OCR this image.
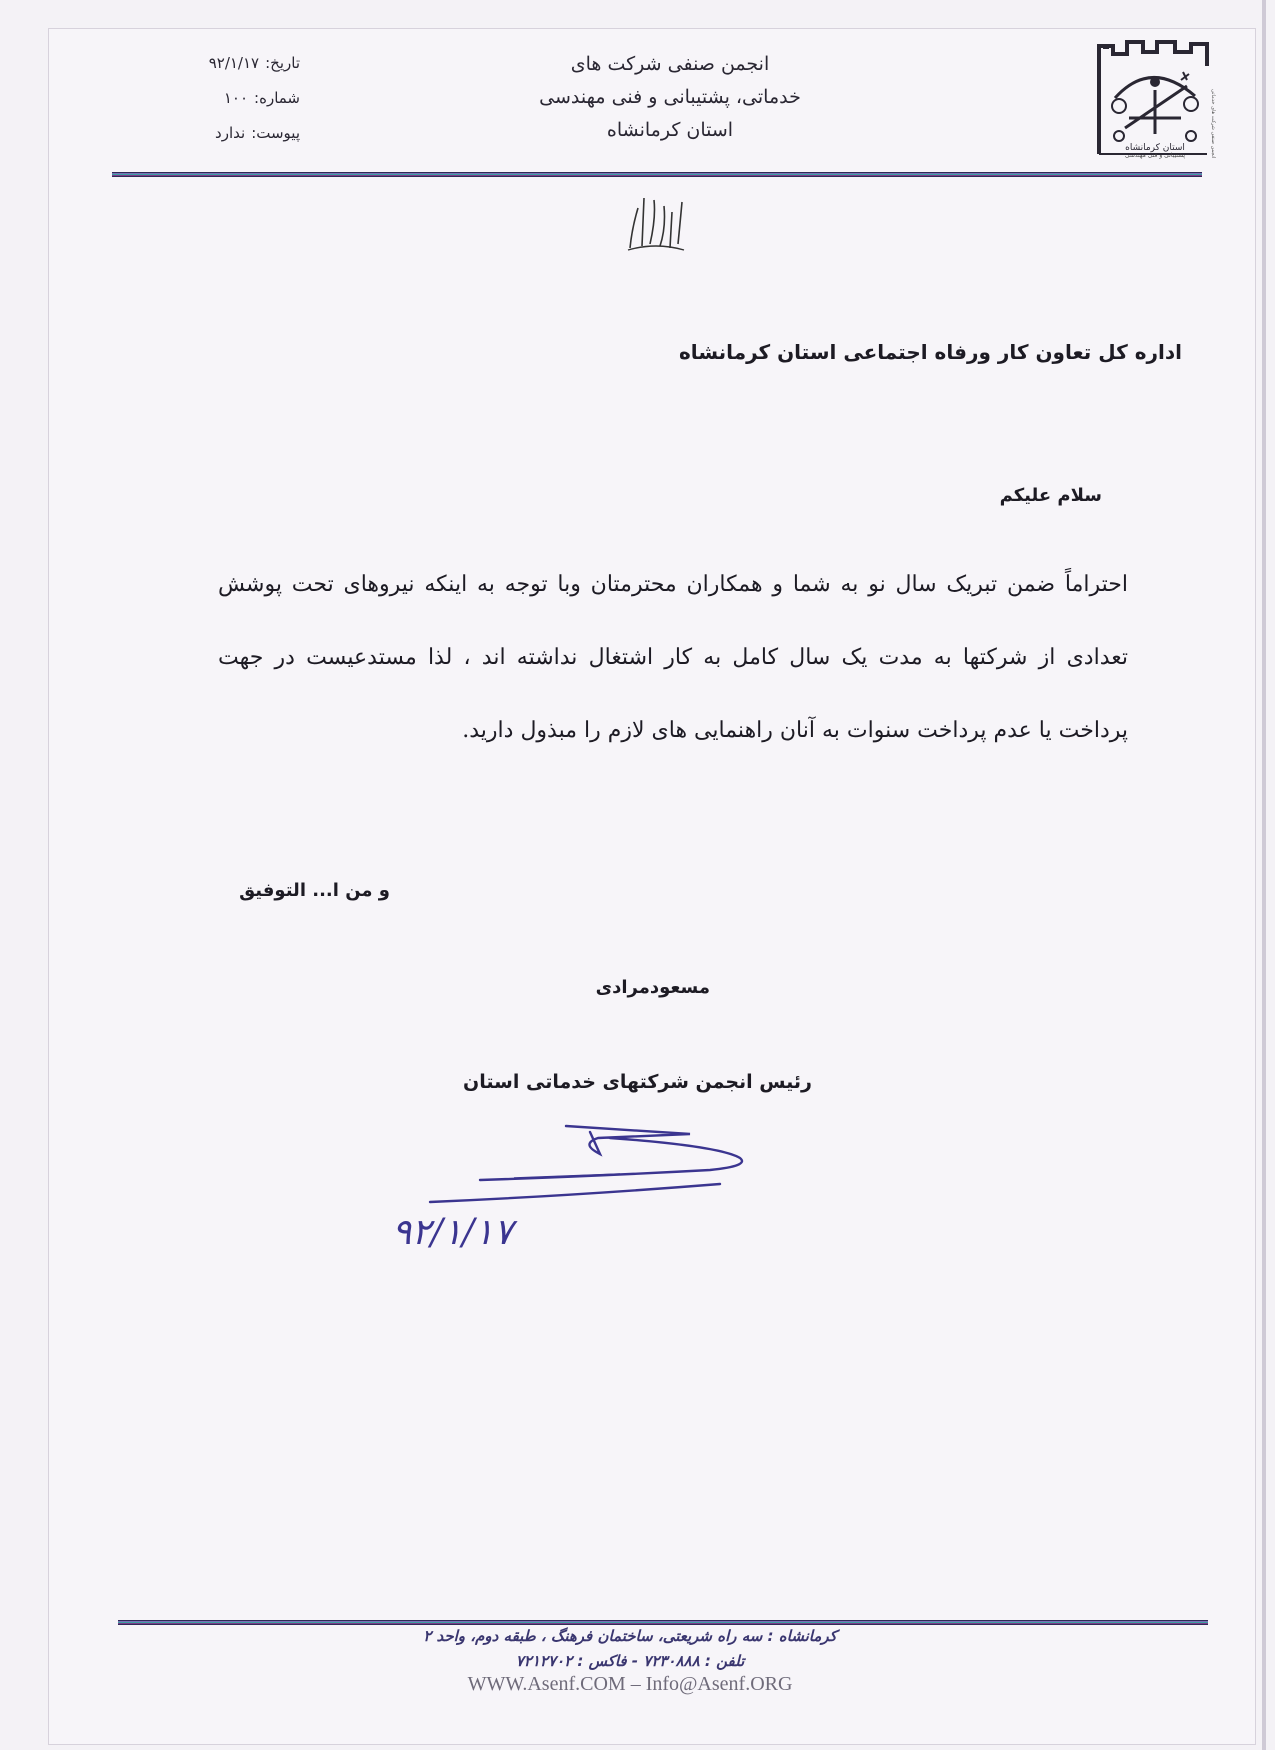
استان کرمانشاه	انجمن صنفی شرکت های خدماتی
پشتیبانی و فنی مهندسی
انجمن صنفی شرکت های
خدماتی، پشتیبانی و فنی مهندسی
استان کرمانشاه
تاریخ:
۹۲/۱/۱۷
شماره:
۱۰۰
پیوست:
ندارد
باسمه تعالی
اداره کل تعاون کار ورفاه اجتماعی استان کرمانشاه
سلام علیکم
احتراماً ضمن تبریک سال نو به شما و همکاران محترمتان وبا توجه به اینکه نیروهای تحت پوشش تعدادی از شرکتها به مدت یک سال کامل به کار اشتغال نداشته اند ، لذا مستدعیست در جهت پرداخت یا عدم پرداخت سنوات به آنان راهنمایی های لازم را مبذول دارید.
و من ا... التوفیق
مسعودمرادی
رئیس انجمن شرکتهای خدماتی استان
۹۲/۱/۱۷
کرمانشاه : سه راه شریعتی، ساختمان فرهنگ ، طبقه دوم، واحد ۲
تلفن : ۷۲۳۰۸۸۸ - فاکس : ۷۲۱۲۷۰۲
WWW.Asenf.COM – Info@Asenf.ORG
